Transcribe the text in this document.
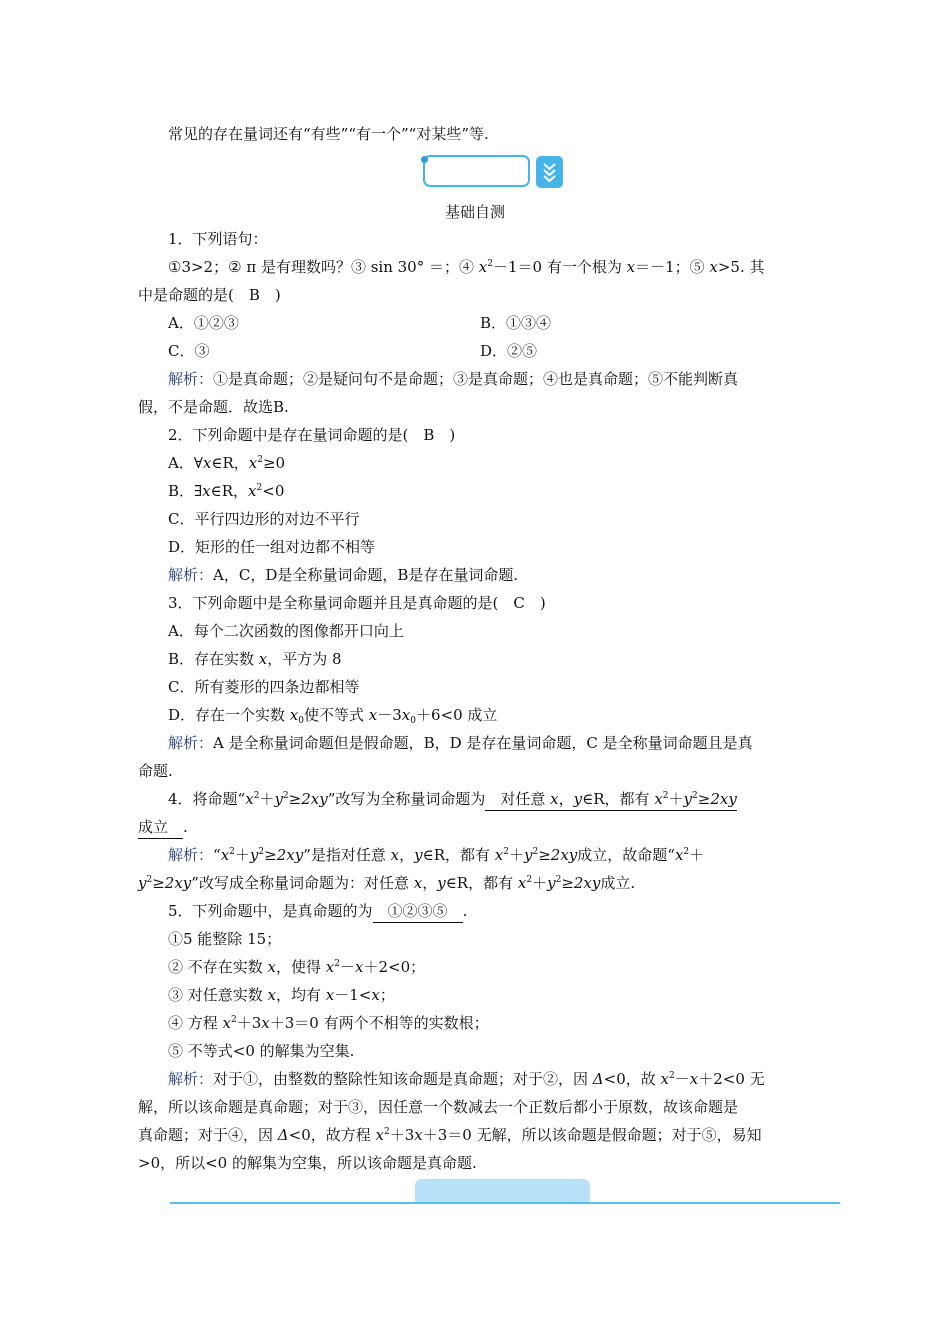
常见的存在量词还有“有些”“有一个”“对某些”等.
基础自测
1．下列语句：
①3>2；② π 是有理数吗？③ sin 30° ＝；④ $x^2-1=0$ 有一个根为 x＝－1；⑤ x>5. 其
中是命题的是(　B　)
A．①②③	B．①③④
C．③	D．②⑤
解析：①是真命题；②是疑问句不是命题；③是真命题；④也是真命题；⑤不能判断真
假，不是命题．故选B.
2．下列命题中是存在量词命题的是(　B　)
A．∀x∈R，$x^2\ge 0$
B．∃x∈R，$x^2<0$
C．平行四边形的对边不平行
D．矩形的任一组对边都不相等
解析：A，C，D是全称量词命题，B是存在量词命题.
3．下列命题中是全称量词命题并且是真命题的是(　C　)
A．每个二次函数的图像都开口向上
B．存在实数 x，平方为 8
C．所有菱形的四条边都相等
D．存在一个实数 $x_0$使不等式 $x-3x_0+6<0$ 成立
解析：A 是全称量词命题但是假命题，B，D 是存在量词命题，C 是全称量词命题且是真
命题.
4．将命题“$x^2+y^2\ge 2xy$”改写为全称量词命题为　对任意 x，y∈R，都有 $x^2+y^2\ge 2xy$
成立　.
解析：“$x^2+y^2\ge 2xy$”是指对任意 x，y∈R，都有 $x^2+y^2\ge 2xy$成立，故命题“$x^2+$
$y^2\ge 2xy$”改写成全称量词命题为：对任意 x，y∈R，都有 $x^2+y^2\ge 2xy$成立.
5．下列命题中，是真命题的为　①②③⑤　.
①5 能整除 15；
② 不存在实数 x，使得 $x^2-x+2<0$；
③ 对任意实数 x，均有 x－1<x；
④ 方程 $x^2+3x+3=0$ 有两个不相等的实数根；
⑤ 不等式<0 的解集为空集.
解析：对于①，由整数的整除性知该命题是真命题；对于②，因 Δ<0，故 $x^2-x+2<0$ 无
解，所以该命题是真命题；对于③，因任意一个数减去一个正数后都小于原数，故该命题是
真命题；对于④，因 Δ<0，故方程 $x^2+3x+3=0$ 无解，所以该命题是假命题；对于⑤，易知
>0，所以<0 的解集为空集，所以该命题是真命题.
